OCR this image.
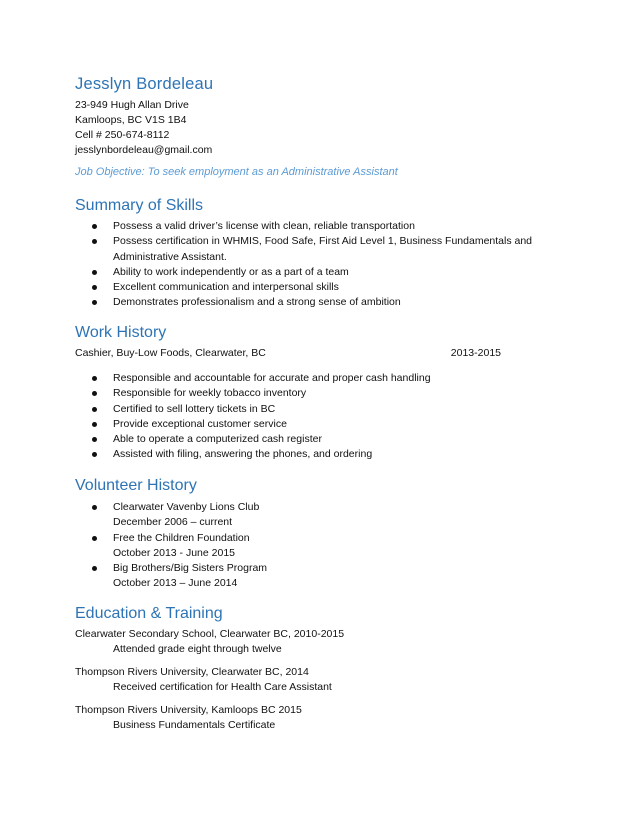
Jesslyn Bordeleau
23-949 Hugh Allan Drive
Kamloops, BC V1S 1B4
Cell # 250-674-8112
jesslynbordeleau@gmail.com
Job Objective: To seek employment as an Administrative Assistant
Summary of Skills
Possess a valid driver’s license with clean, reliable transportation
Possess certification in WHMIS, Food Safe, First Aid Level 1, Business Fundamentals and Administrative Assistant.
Ability to work independently or as a part of a team
Excellent communication and interpersonal skills
Demonstrates professionalism and a strong sense of ambition
Work History
Cashier, Buy-Low Foods, Clearwater, BC	2013-2015
Responsible and accountable for accurate and proper cash handling
Responsible for weekly tobacco inventory
Certified to sell lottery tickets in BC
Provide exceptional customer service
Able to operate a computerized cash register
Assisted with filing, answering the phones, and ordering
Volunteer History
Clearwater Vavenby Lions Club
December 2006 – current
Free the Children Foundation
October 2013 - June 2015
Big Brothers/Big Sisters Program
October 2013 – June 2014
Education & Training
Clearwater Secondary School, Clearwater BC, 2010-2015
Attended grade eight through twelve
Thompson Rivers University, Clearwater BC, 2014
Received certification for Health Care Assistant
Thompson Rivers University, Kamloops BC 2015
Business Fundamentals Certificate
